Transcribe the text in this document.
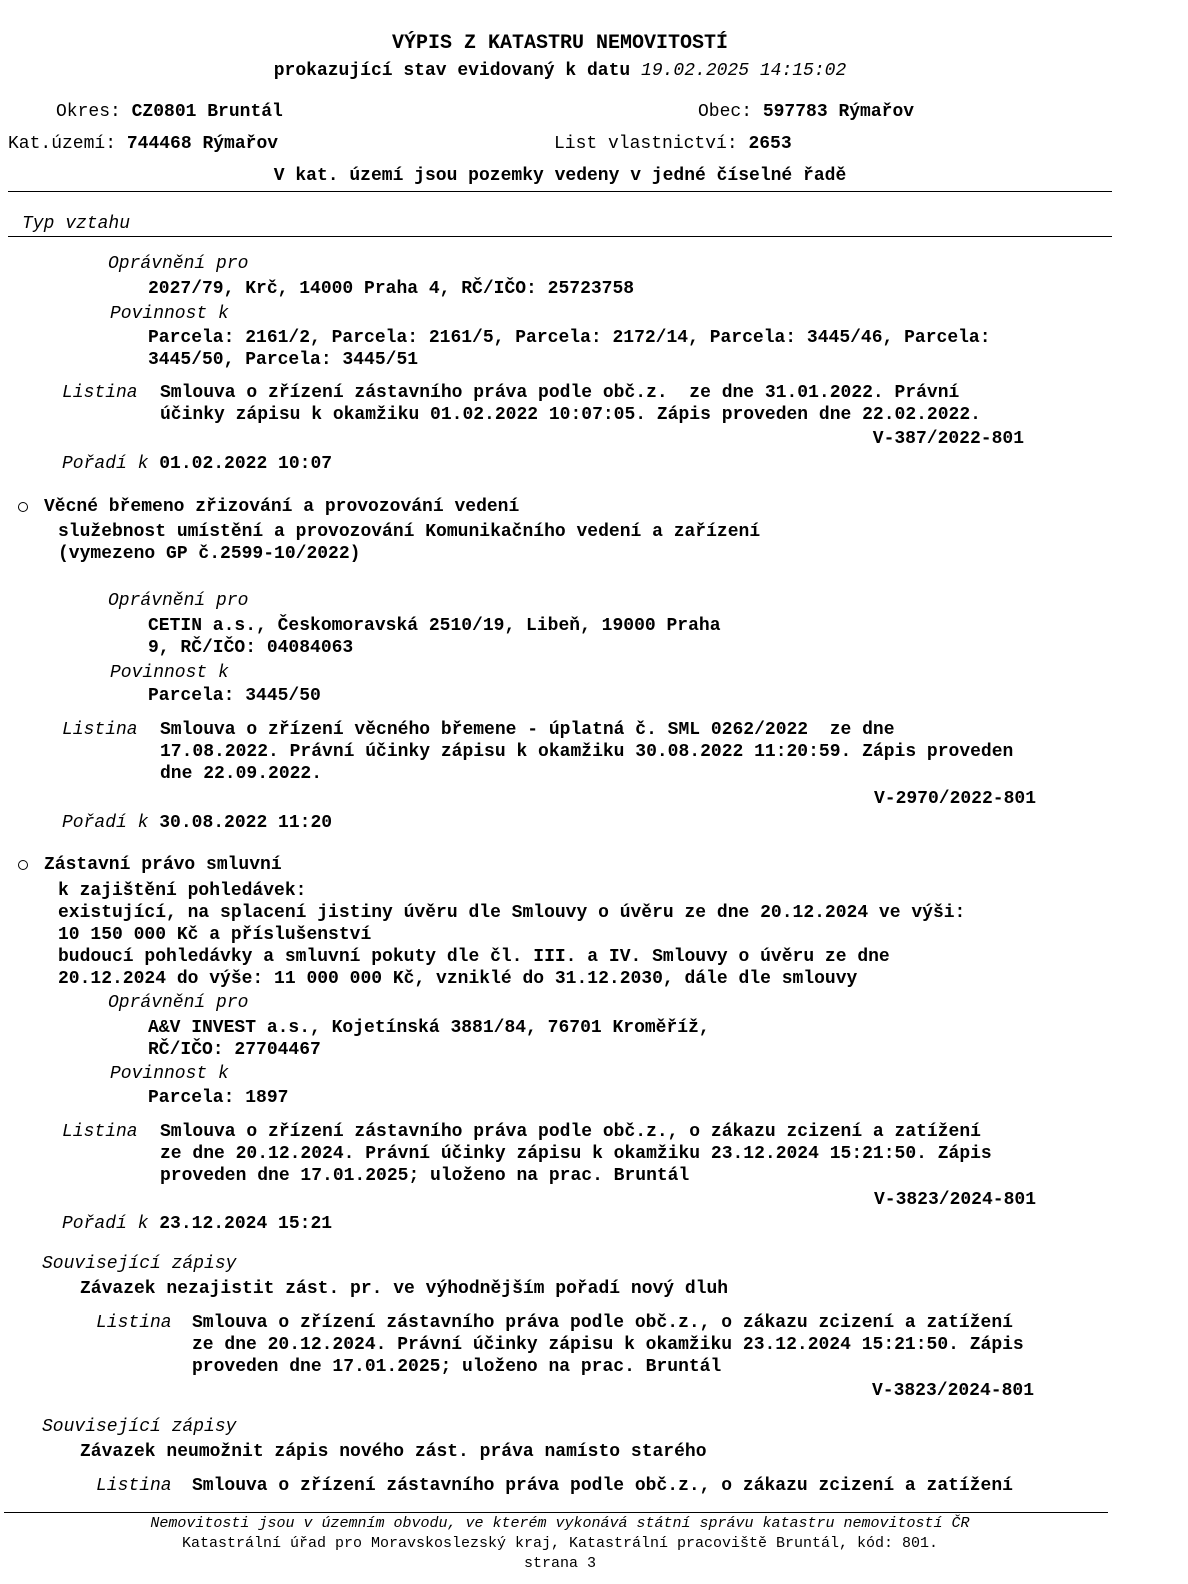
VÝPIS Z KATASTRU NEMOVITOSTÍ
prokazující stav evidovaný k datu 19.02.2025 14:15:02
Okres: CZ0801 Bruntál	Obec: 597783 Rýmařov
Kat.území: 744468 Rýmařov	List vlastnictví: 2653
V kat. území jsou pozemky vedeny v jedné číselné řadě
Typ vztahu
Oprávnění pro
2027/79, Krč, 14000 Praha 4, RČ/IČO: 25723758
Povinnost k
Parcela: 2161/2, Parcela: 2161/5, Parcela: 2172/14, Parcela: 3445/46, Parcela:
3445/50, Parcela: 3445/51
Listina Smlouva o zřízení zástavního práva podle obč.z.  ze dne 31.01.2022. Právní
účinky zápisu k okamžiku 01.02.2022 10:07:05. Zápis proveden dne 22.02.2022.
V-387/2022-801
Pořadí k 01.02.2022 10:07
Věcné břemeno zřizování a provozování vedení
služebnost umístění a provozování Komunikačního vedení a zařízení
(vymezeno GP č.2599-10/2022)
Oprávnění pro
CETIN a.s., Českomoravská 2510/19, Libeň, 19000 Praha
9, RČ/IČO: 04084063
Povinnost k
Parcela: 3445/50
Listina Smlouva o zřízení věcného břemene - úplatná č. SML 0262/2022  ze dne
17.08.2022. Právní účinky zápisu k okamžiku 30.08.2022 11:20:59. Zápis proveden
dne 22.09.2022.
V-2970/2022-801
Pořadí k 30.08.2022 11:20
Zástavní právo smluvní
k zajištění pohledávek:
existující, na splacení jistiny úvěru dle Smlouvy o úvěru ze dne 20.12.2024 ve výši:
10 150 000 Kč a příslušenství
budoucí pohledávky a smluvní pokuty dle čl. III. a IV. Smlouvy o úvěru ze dne
20.12.2024 do výše: 11 000 000 Kč, vzniklé do 31.12.2030, dále dle smlouvy
Oprávnění pro
A&V INVEST a.s., Kojetínská 3881/84, 76701 Kroměříž,
RČ/IČO: 27704467
Povinnost k
Parcela: 1897
Listina Smlouva o zřízení zástavního práva podle obč.z., o zákazu zcizení a zatížení
ze dne 20.12.2024. Právní účinky zápisu k okamžiku 23.12.2024 15:21:50. Zápis
proveden dne 17.01.2025; uloženo na prac. Bruntál
V-3823/2024-801
Pořadí k 23.12.2024 15:21
Související zápisy
Závazek nezajistit zást. pr. ve výhodnějším pořadí nový dluh
Listina Smlouva o zřízení zástavního práva podle obč.z., o zákazu zcizení a zatížení
ze dne 20.12.2024. Právní účinky zápisu k okamžiku 23.12.2024 15:21:50. Zápis
proveden dne 17.01.2025; uloženo na prac. Bruntál
V-3823/2024-801
Související zápisy
Závazek neumožnit zápis nového zást. práva namísto starého
Listina Smlouva o zřízení zástavního práva podle obč.z., o zákazu zcizení a zatížení
Nemovitosti jsou v územním obvodu, ve kterém vykonává státní správu katastru nemovitostí ČR
Katastrální úřad pro Moravskoslezský kraj, Katastrální pracoviště Bruntál, kód: 801.
strana 3
